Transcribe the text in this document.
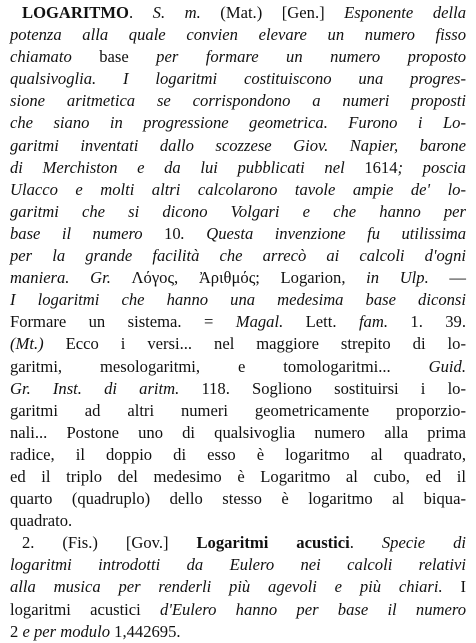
LOGARITMO. S. m. (Mat.) [Gen.] Esponente della
potenza alla quale convien elevare un numero fisso
chiamato base per formare un numero proposto
qualsivoglia. I logaritmi costituiscono una progres-
sione aritmetica se corrispondono a numeri proposti
che siano in progressione geometrica. Furono i Lo-
garitmi inventati dallo scozzese Giov. Napier, barone
di Merchiston e da lui pubblicati nel 1614; poscia
Ulacco e molti altri calcolarono tavole ampie de' lo-
garitmi che si dicono Volgari e che hanno per
base il numero 10. Questa invenzione fu utilissima
per la grande facilità che arrecò ai calcoli d'ogni
maniera. Gr. Λόγος, Ἀριθμός; Logarion, in Ulp. —
I logaritmi che hanno una medesima base diconsi
Formare un sistema. = Magal. Lett. fam. 1. 39.
(Mt.) Ecco i versi... nel maggiore strepito di lo-
garitmi, mesologaritmi, e tomologaritmi... Guid.
Gr. Inst. di aritm. 118. Sogliono sostituirsi i lo-
garitmi ad altri numeri geometricamente proporzio-
nali... Postone uno di qualsivoglia numero alla prima
radice, il doppio di esso è logaritmo al quadrato,
ed il triplo del medesimo è Logaritmo al cubo, ed il
quarto (quadruplo) dello stesso è logaritmo al biqua-
quadrato.
2. (Fis.) [Gov.] Logaritmi acustici. Specie di
logaritmi introdotti da Eulero nei calcoli relativi
alla musica per renderli più agevoli e più chiari. I
logaritmi acustici d'Eulero hanno per base il numero
2 e per modulo 1,442695.
